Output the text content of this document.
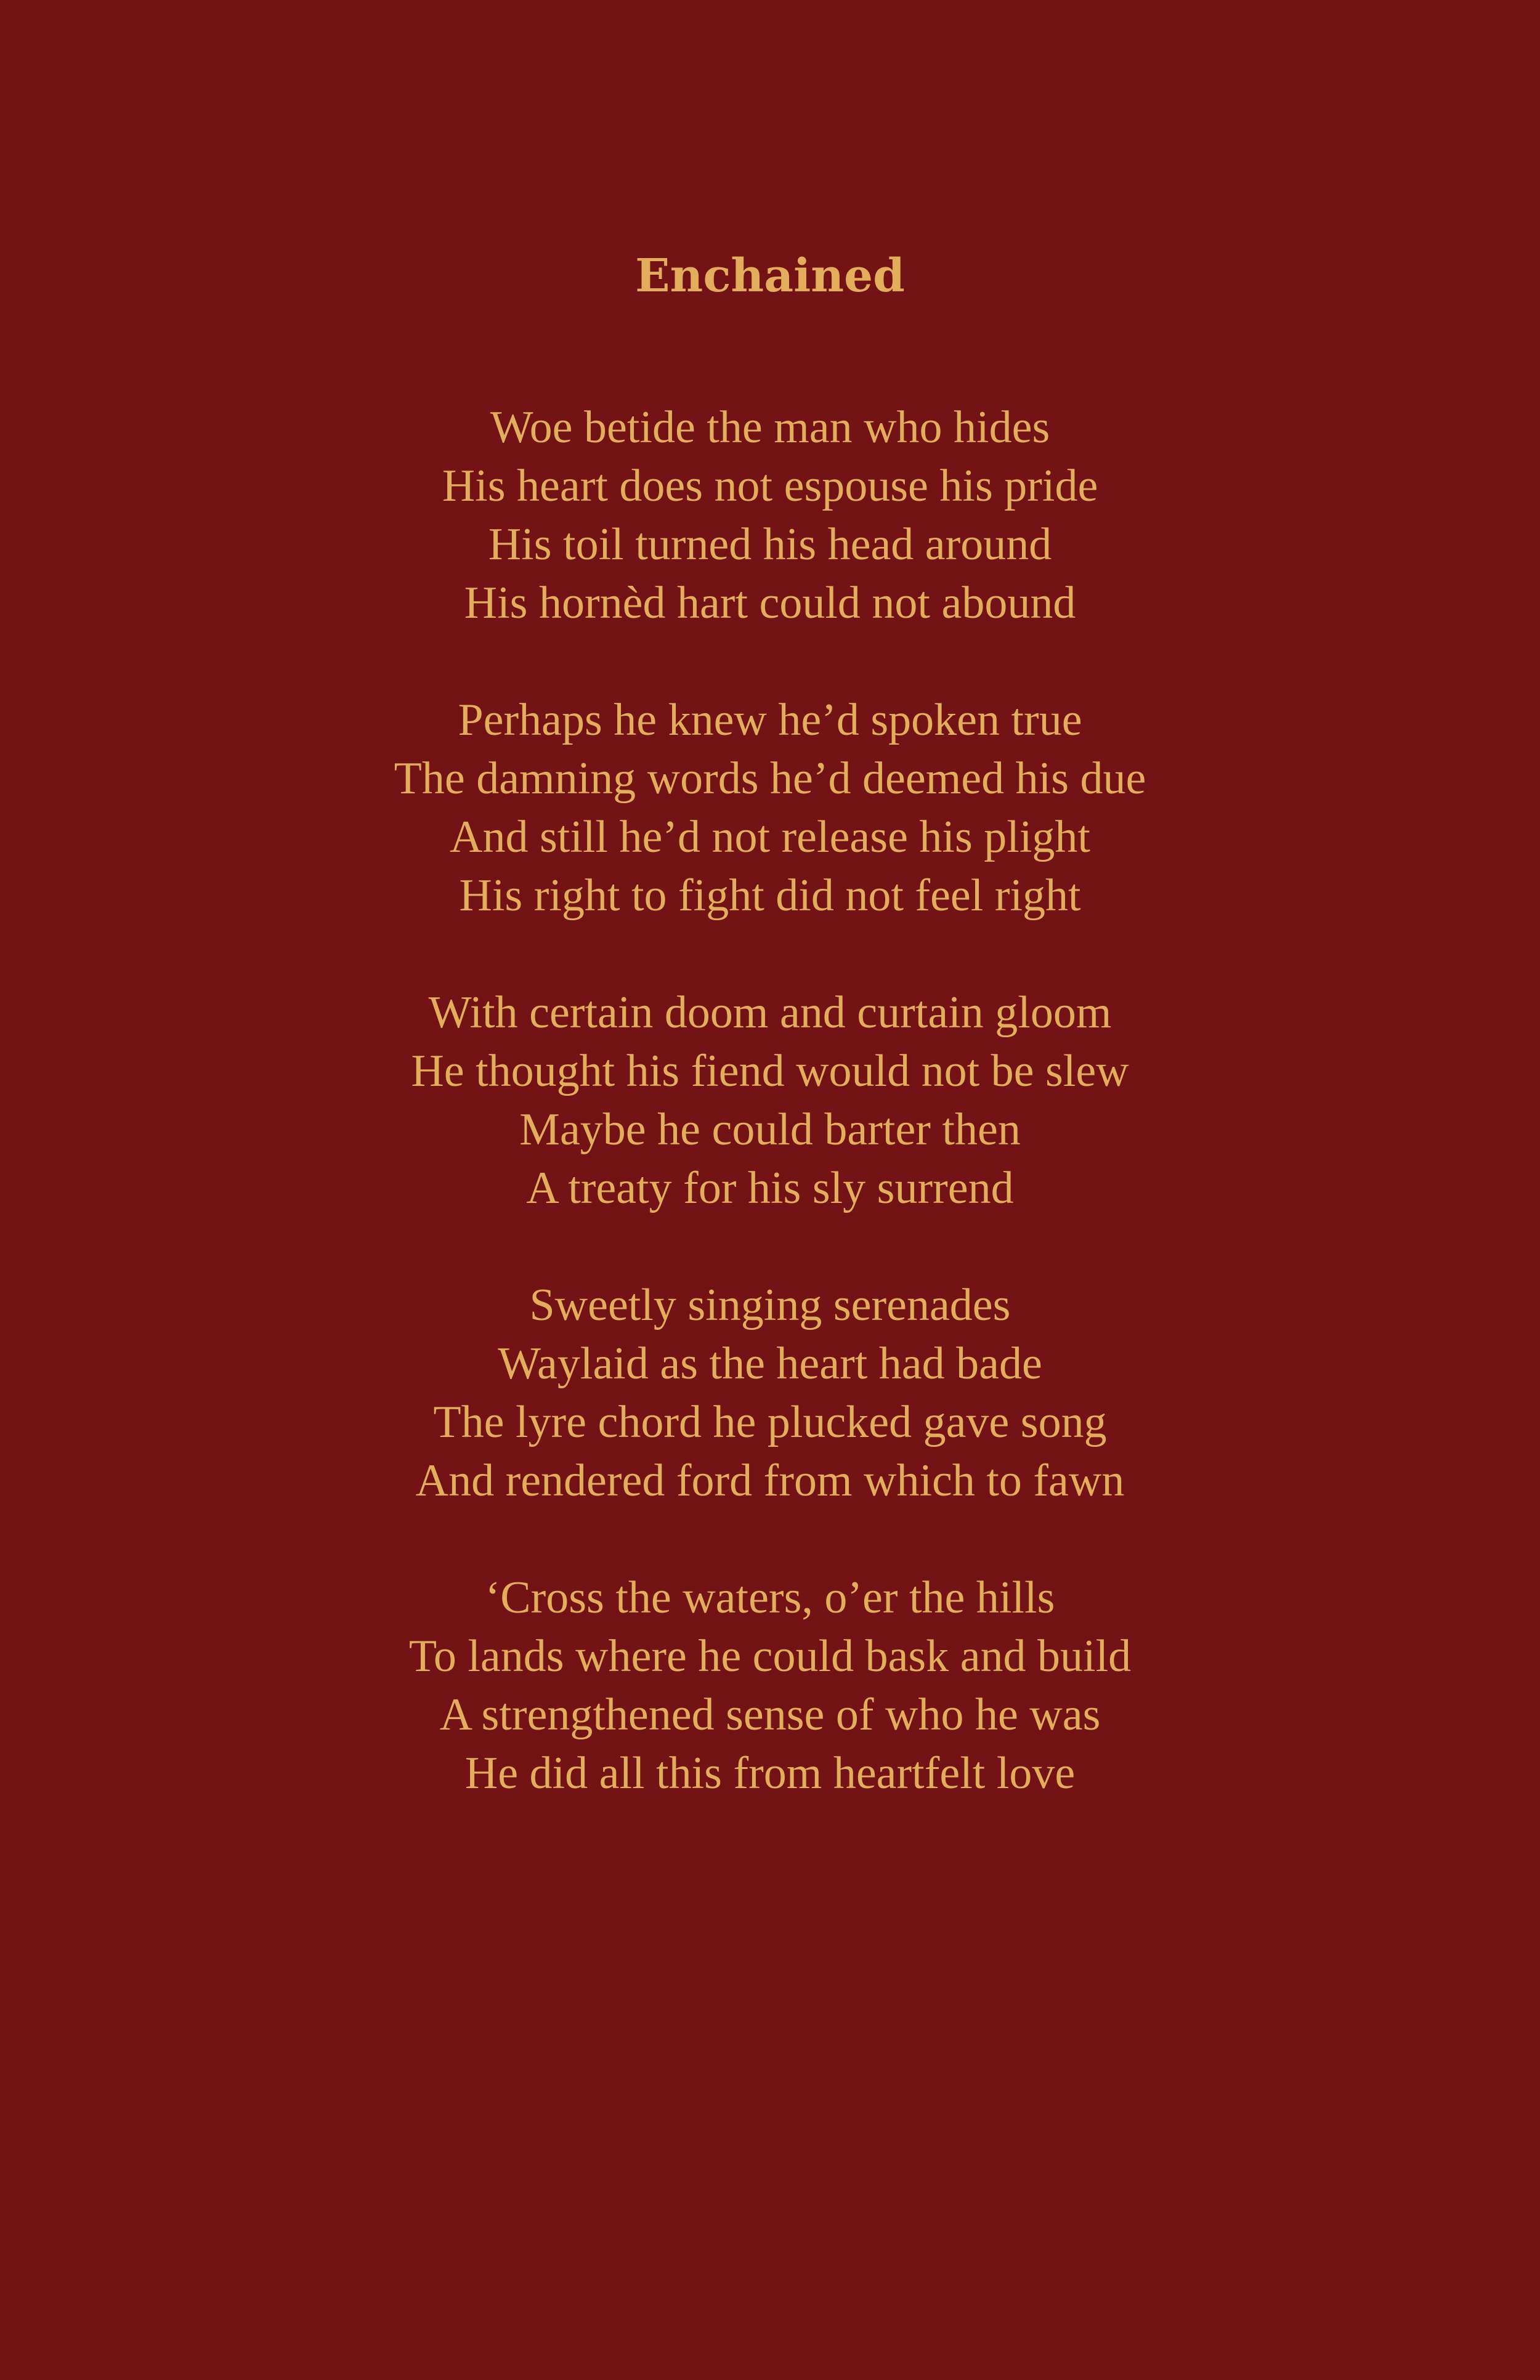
Enchained
Woe betide the man who hides
His heart does not espouse his pride
His toil turned his head around
His hornèd hart could not abound
Perhaps he knew he’d spoken true
The damning words he’d deemed his due
And still he’d not release his plight
His right to fight did not feel right
With certain doom and curtain gloom
He thought his fiend would not be slew
Maybe he could barter then
A treaty for his sly surrend
Sweetly singing serenades
Waylaid as the heart had bade
The lyre chord he plucked gave song
And rendered ford from which to fawn
‘Cross the waters, o’er the hills
To lands where he could bask and build
A strengthened sense of who he was
He did all this from heartfelt love
